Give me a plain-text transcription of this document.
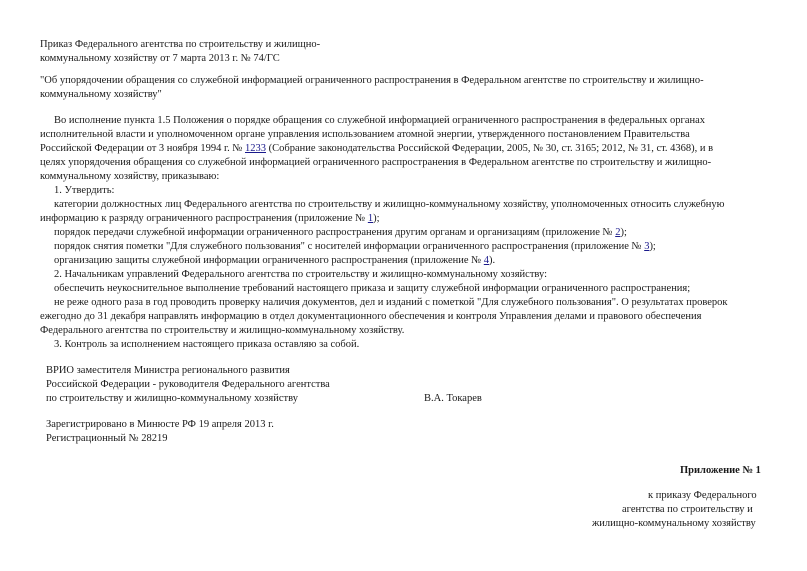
Приказ Федерального агентства по строительству и жилищно-
коммунальному хозяйству от 7 марта 2013 г. № 74/ГС
"Об упорядочении обращения со служебной информацией ограниченного распространения в Федеральном агентстве по строительству и жилищно-
коммунальному хозяйству"
Во исполнение пункта 1.5 Положения о порядке обращения со служебной информацией ограниченного распространения в федеральных органах
исполнительной власти и уполномоченном органе управления использованием атомной энергии, утвержденного постановлением Правительства
Российской Федерации от 3 ноября 1994 г. № 1233 (Собрание законодательства Российской Федерации, 2005, № 30, ст. 3165; 2012, № 31, ст. 4368), и в
целях упорядочения обращения со служебной информацией ограниченного распространения в Федеральном агентстве по строительству и жилищно-
коммунальному хозяйству, приказываю:
1. Утвердить:
категории должностных лиц Федерального агентства по строительству и жилищно-коммунальному хозяйству, уполномоченных относить служебную
информацию к разряду ограниченного распространения (приложение № 1);
порядок передачи служебной информации ограниченного распространения другим органам и организациям (приложение № 2);
порядок снятия пометки "Для служебного пользования" с носителей информации ограниченного распространения (приложение № 3);
организацию защиты служебной информации ограниченного распространения (приложение № 4).
2. Начальникам управлений Федерального агентства по строительству и жилищно-коммунальному хозяйству:
обеспечить неукоснительное выполнение требований настоящего приказа и защиту служебной информации ограниченного распространения;
не реже одного раза в год проводить проверку наличия документов, дел и изданий с пометкой "Для служебного пользования". О результатах проверок
ежегодно до 31 декабря направлять информацию в отдел документационного обеспечения и контроля Управления делами и правового обеспечения
Федерального агентства по строительству и жилищно-коммунальному хозяйству.
3. Контроль за исполнением настоящего приказа оставляю за собой.
ВРИО заместителя Министра регионального развития
Российской Федерации - руководителя Федерального агентства
по строительству и жилищно-коммунальному хозяйству	В.А. Токарев
Зарегистрировано в Минюсте РФ 19 апреля 2013 г.
Регистрационный № 28219
Приложение № 1
к приказу Федерального
агентства по строительству и
жилищно-коммунальному хозяйству
